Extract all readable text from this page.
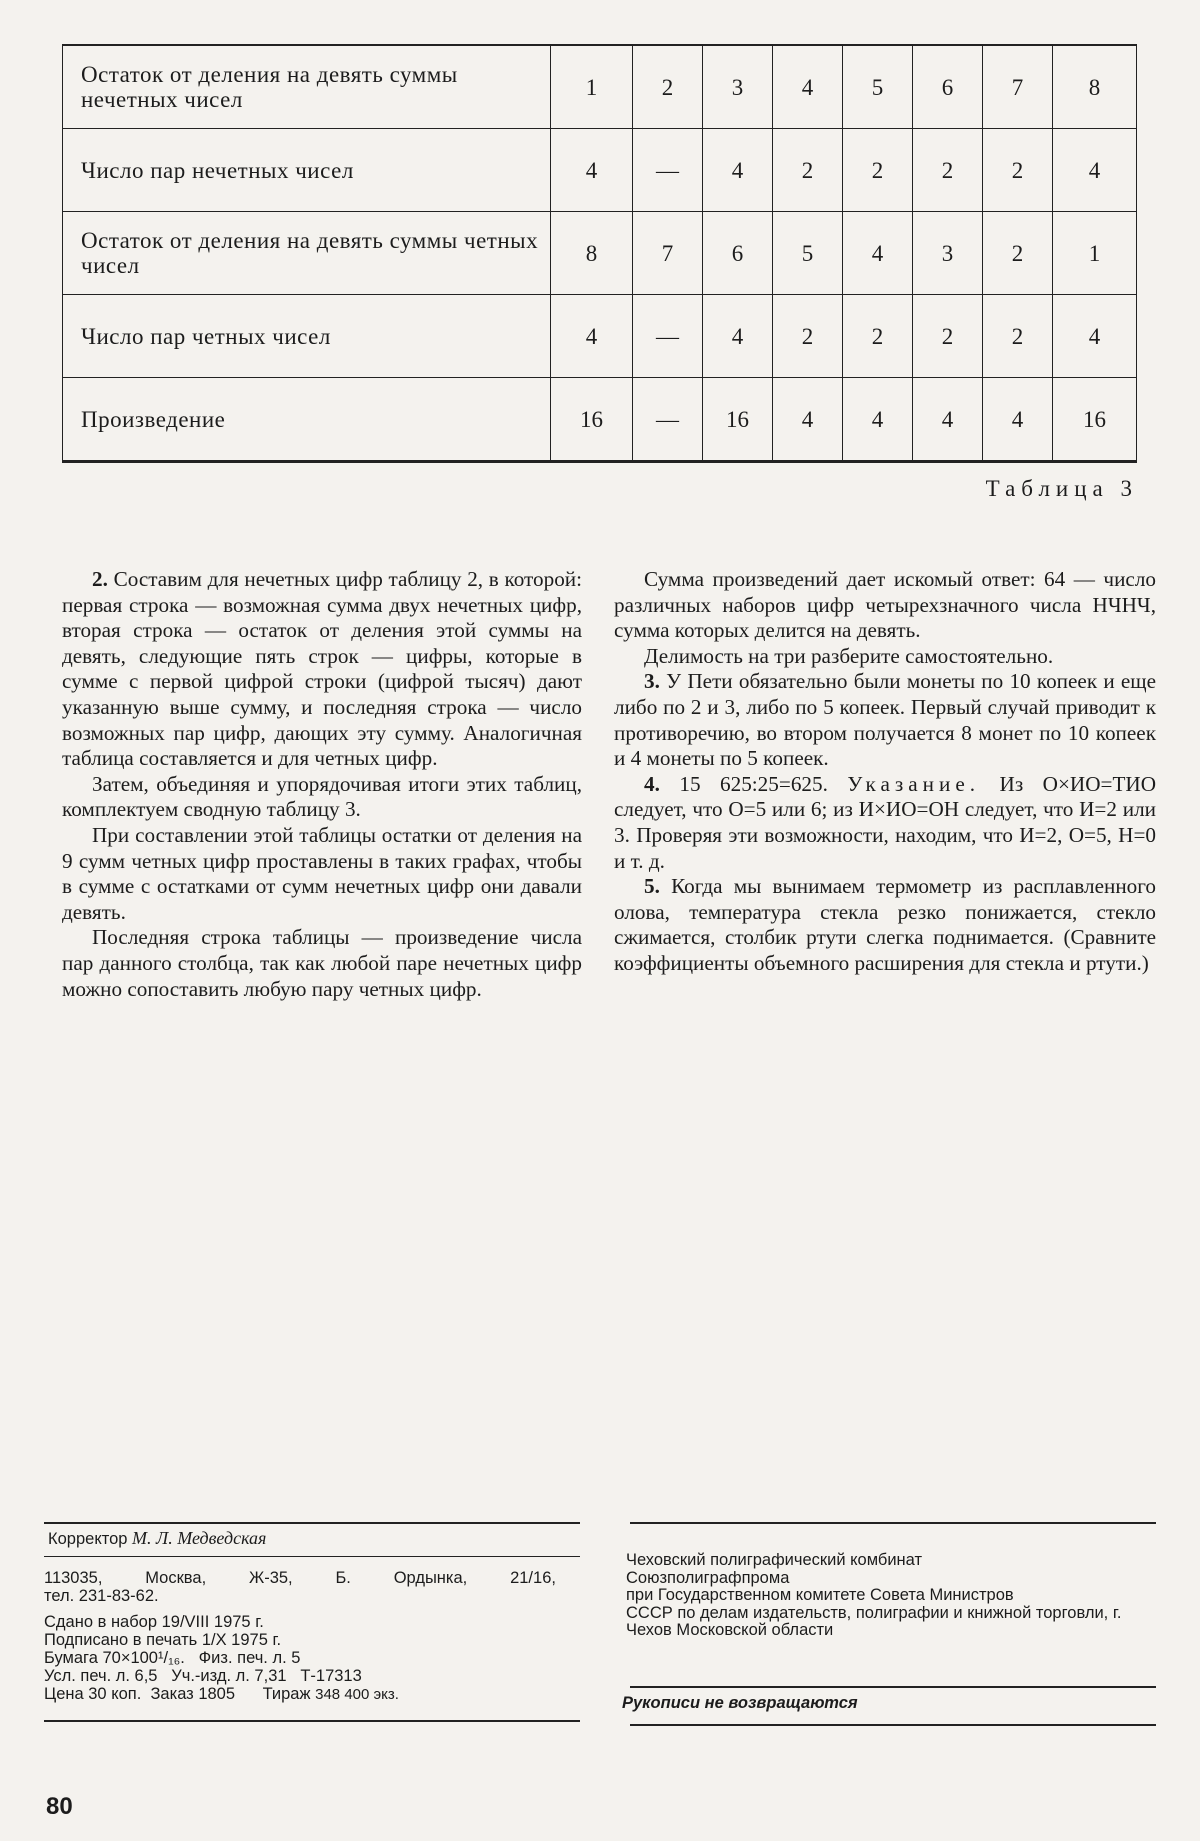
Остаток от деления на девять суммы нечетных чисел	1	2	3	4	5	6	7	8
Число пар нечетных чисел	4	—	4	2	2	2	2	4
Остаток от деления на девять суммы четных чисел	8	7	6	5	4	3	2	1
Число пар четных чисел	4	—	4	2	2	2	2	4
Произведение	16	—	16	4	4	4	4	16
Таблица 3

2. Составим для нечетных цифр таблицу 2, в которой: первая строка — возможная сумма двух нечетных цифр, вторая строка — остаток от деления этой суммы на девять, следующие пять строк — цифры, которые в сумме с первой цифрой строки (цифрой тысяч) дают указанную выше сумму, и последняя строка — число возможных пар цифр, дающих эту сумму. Аналогичная таблица составляется и для четных цифр.

Затем, объединяя и упорядочивая итоги этих таблиц, комплектуем сводную таблицу 3.

При составлении этой таблицы остатки от деления на 9 сумм четных цифр проставлены в таких графах, чтобы в сумме с остатками от сумм нечетных цифр они давали девять.

Последняя строка таблицы — произведение числа пар данного столбца, так как любой паре нечетных цифр можно сопоставить любую пару четных цифр.

Сумма произведений дает искомый ответ: 64 — число различных наборов цифр четырехзначного числа НЧНЧ, сумма которых делится на девять.

Делимость на три разберите самостоятельно.

3. У Пети обязательно были монеты по 10 копеек и еще либо по 2 и 3, либо по 5 копеек. Первый случай приводит к противоречию, во втором получается 8 монет по 10 копеек и 4 монеты по 5 копеек.

4. 15 625:25=625. Указание. Из О×ИО=ТИО следует, что О=5 или 6; из И×ИО=ОН следует, что И=2 или 3. Проверяя эти возможности, находим, что И=2, О=5, Н=0 и т. д.

5. Когда мы вынимаем термометр из расплавленного олова, температура стекла резко понижается, стекло сжимается, столбик ртути слегка поднимается. (Сравните коэффициенты объемного расширения для стекла и ртути.)

Корректор М. Л. Медведская
113035,	Москва,	Ж-35,	Б.	Ордынка,	21/16,
тел. 231-83-62.
Сдано в набор 19/VIII 1975 г.
Подписано в печать 1/X 1975 г.
Бумага 70×100¹/₁₆. Физ. печ. л. 5
Усл. печ. л. 6,5 Уч.-изд. л. 7,31 Т-17313
Цена 30 коп. Заказ 1805 Тираж 348 400 экз.
Чеховский полиграфический комбинат
Союзполиграфпрома
при Государственном комитете Совета Министров
СССР по делам издательств, полиграфии и книжной торговли, г. Чехов Московской области
Рукописи не возвращаются
80
